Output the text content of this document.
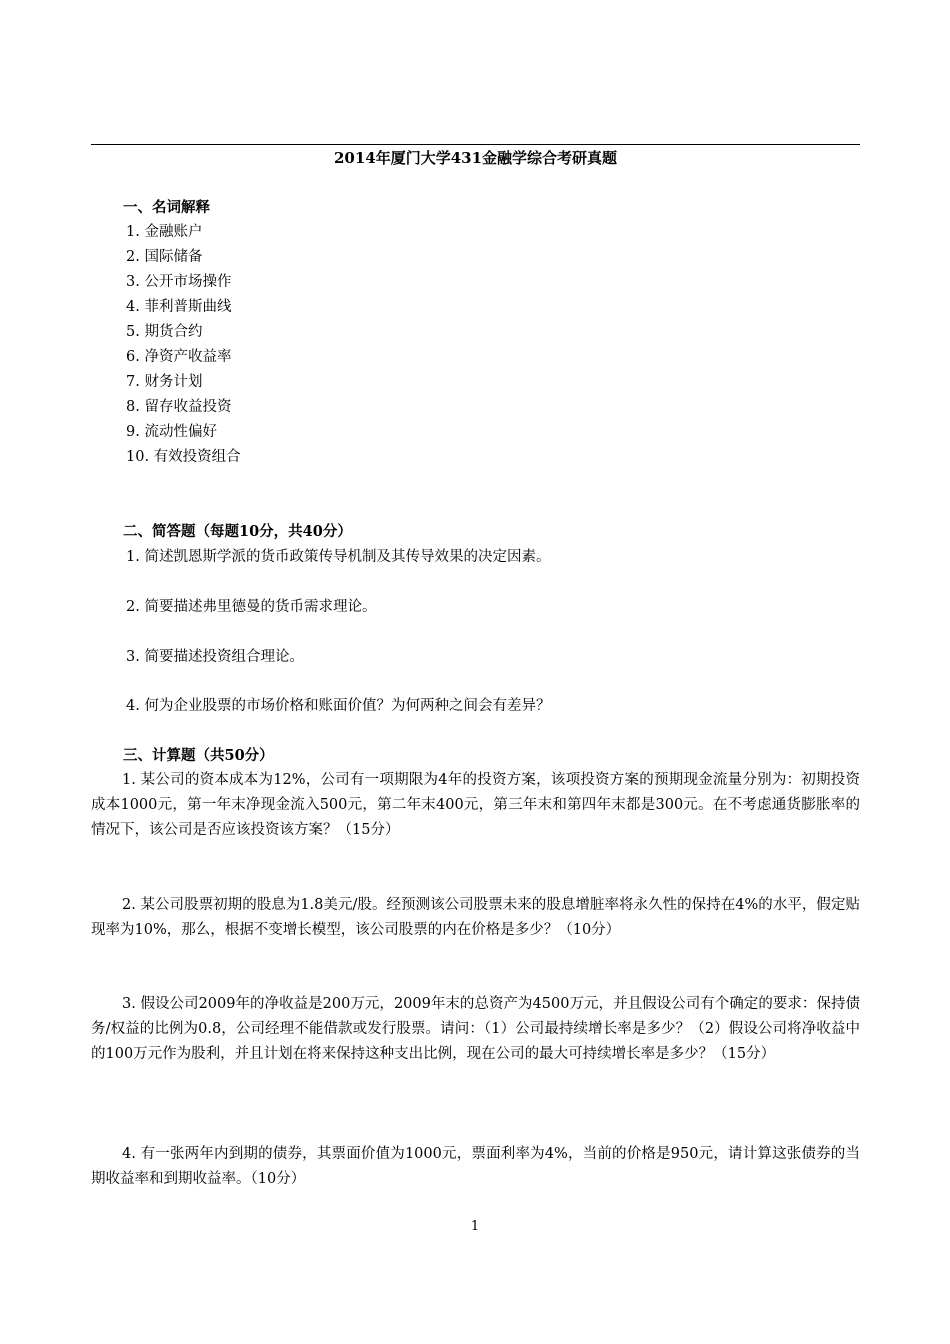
2014年厦门大学431金融学综合考研真题
一、名词解释
1. 金融账户
2. 国际储备
3. 公开市场操作
4. 菲利普斯曲线
5. 期货合约
6. 净资产收益率
7. 财务计划
8. 留存收益投资
9. 流动性偏好
10. 有效投资组合
二、简答题（每题10分，共40分）
1. 简述凯恩斯学派的货币政策传导机制及其传导效果的决定因素。
2. 简要描述弗里德曼的货币需求理论。
3. 简要描述投资组合理论。
4. 何为企业股票的市场价格和账面价值？为何两种之间会有差异？
三、计算题（共50分）
1. 某公司的资本成本为12%，公司有一项期限为4年的投资方案，该项投资方案的预期现金流量分别为：初期投资成本1000元，第一年末净现金流入500元，第二年末400元，第三年末和第四年末都是300元。在不考虑通货膨胀率的情况下，该公司是否应该投资该方案？（15分）
2. 某公司股票初期的股息为1.8美元/股。经预测该公司股票未来的股息增脏率将永久性的保持在4%的水平，假定贴现率为10%，那么，根据不变增长模型，该公司股票的内在价格是多少？（10分）
3. 假设公司2009年的净收益是200万元，2009年末的总资产为4500万元，并且假设公司有个确定的要求：保持债务/权益的比例为0.8，公司经理不能借款或发行股票。请问：（1）公司最持续增长率是多少？（2）假设公司将净收益中的100万元作为股利，并且计划在将来保持这种支出比例，现在公司的最大可持续增长率是多少？（15分）
4. 有一张两年内到期的债券，其票面价值为1000元，票面利率为4%，当前的价格是950元，请计算这张债券的当期收益率和到期收益率。（10分）
1
